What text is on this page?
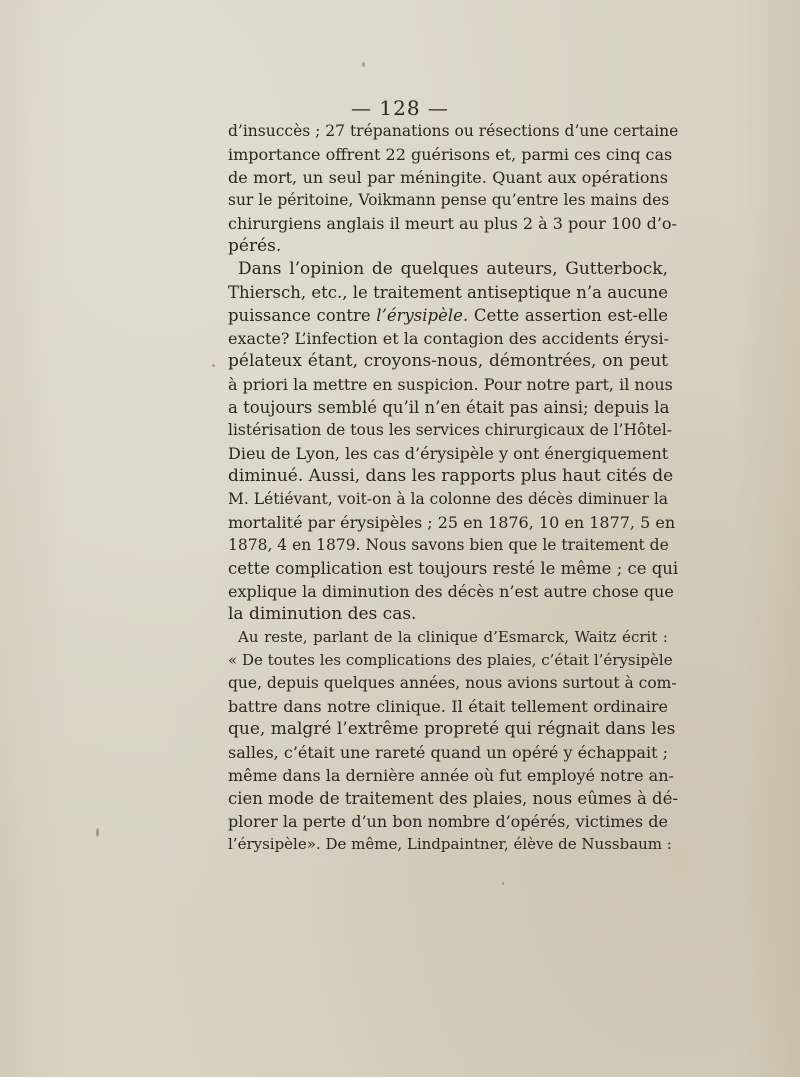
— 128 —
d’insuccès ; 27 trépanations ou résections d’une certaine
importance offrent 22 guérisons et, parmi ces cinq cas
de mort, un seul par méningite. Quant aux opérations
sur le péritoine, Voikmann pense qu’entre les mains des
chirurgiens anglais il meurt au plus 2 à 3 pour 100 d’o-
pérés.
Dans l’opinion de quelques auteurs, Gutterbock,
Thiersch, etc., le traitement antiseptique n’a aucune
puissance contre l’érysipèle. Cette assertion est-elle
exacte? L’infection et la contagion des accidents érysi-
pélateux étant, croyons-nous, démontrées, on peut
à priori la mettre en suspicion. Pour notre part, il nous
a toujours semblé qu’il n’en était pas ainsi; depuis la
listérisation de tous les services chirurgicaux de l’Hôtel-
Dieu de Lyon, les cas d’érysipèle y ont énergiquement
diminué. Aussi, dans les rapports plus haut cités de
M. Létiévant, voit-on à la colonne des décès diminuer la
mortalité par érysipèles ; 25 en 1876, 10 en 1877, 5 en
1878, 4 en 1879. Nous savons bien que le traitement de
cette complication est toujours resté le même ; ce qui
explique la diminution des décès n’est autre chose que
la diminution des cas.
Au reste, parlant de la clinique d’Esmarck, Waitz écrit :
« De toutes les complications des plaies, c’était l’érysipèle
que, depuis quelques années, nous avions surtout à com-
battre dans notre clinique. Il était tellement ordinaire
que, malgré l’extrême propreté qui régnait dans les
salles, c’était une rareté quand un opéré y échappait ;
même dans la dernière année où fut employé notre an-
cien mode de traitement des plaies, nous eûmes à dé-
plorer la perte d’un bon nombre d’opérés, victimes de
l’érysipèle». De même, Lindpaintner, élève de Nussbaum :
